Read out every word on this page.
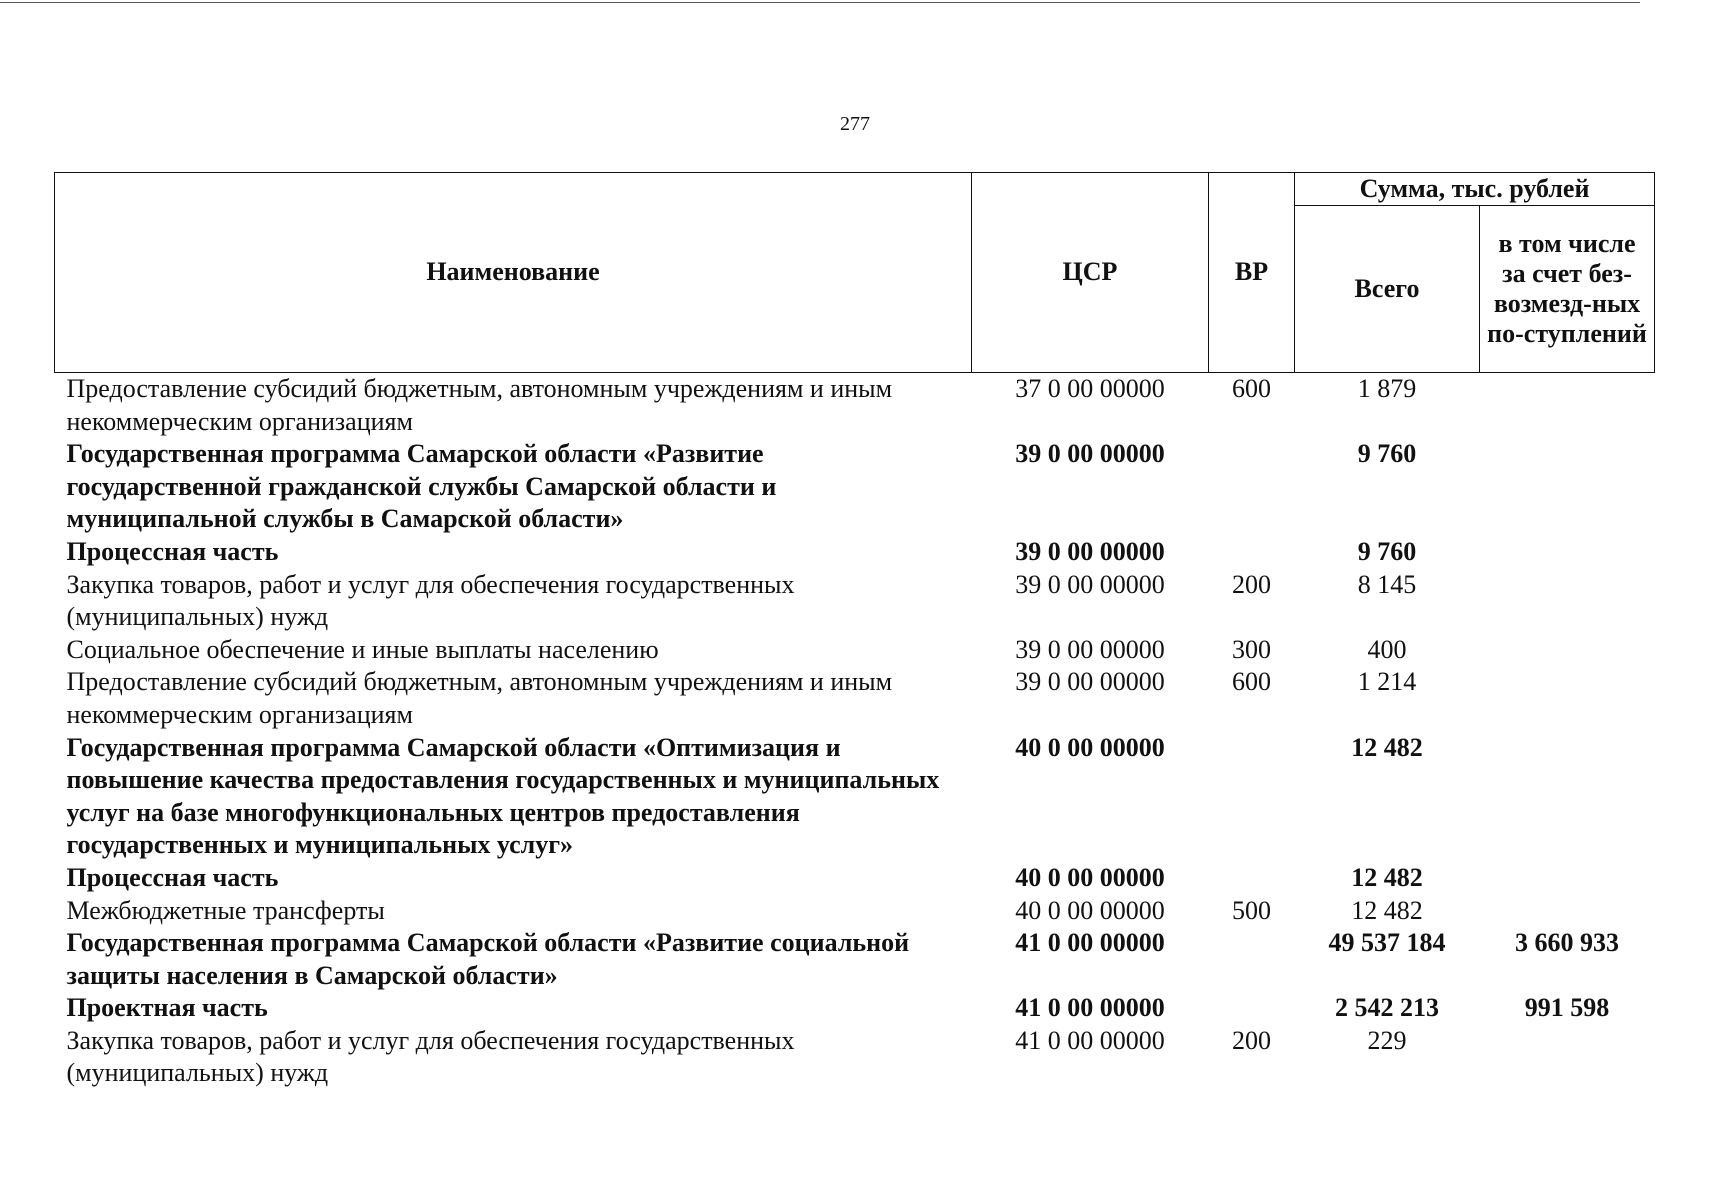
277
Наименование	ЦСР	ВР	Сумма, тыс. рублей	
			Всего	в том числе за счет без-возмезд-ных по-ступлений
Предоставление субсидий бюджетным, автономным учреждениям и иным некоммерческим организациям	37 0 00 00000	600	1 879	
Государственная программа Самарской области «Развитие государственной гражданской службы Самарской области и муниципальной службы в Самарской области»	39 0 00 00000		9 760	
Процессная часть	39 0 00 00000		9 760	
Закупка товаров, работ и услуг для обеспечения государственных (муниципальных) нужд	39 0 00 00000	200	8 145	
Социальное обеспечение и иные выплаты населению	39 0 00 00000	300	400	
Предоставление субсидий бюджетным, автономным учреждениям и иным некоммерческим организациям	39 0 00 00000	600	1 214	
Государственная программа Самарской области «Оптимизация и повышение качества предоставления государственных и муниципальных услуг на базе многофункциональных центров предоставления государственных и муниципальных услуг»	40 0 00 00000		12 482	
Процессная часть	40 0 00 00000		12 482	
Межбюджетные трансферты	40 0 00 00000	500	12 482	
Государственная программа Самарской области «Развитие социальной защиты населения в Самарской области»	41 0 00 00000		49 537 184	3 660 933
Проектная часть	41 0 00 00000		2 542 213	991 598
Закупка товаров, работ и услуг для обеспечения государственных (муниципальных) нужд	41 0 00 00000	200	229	
